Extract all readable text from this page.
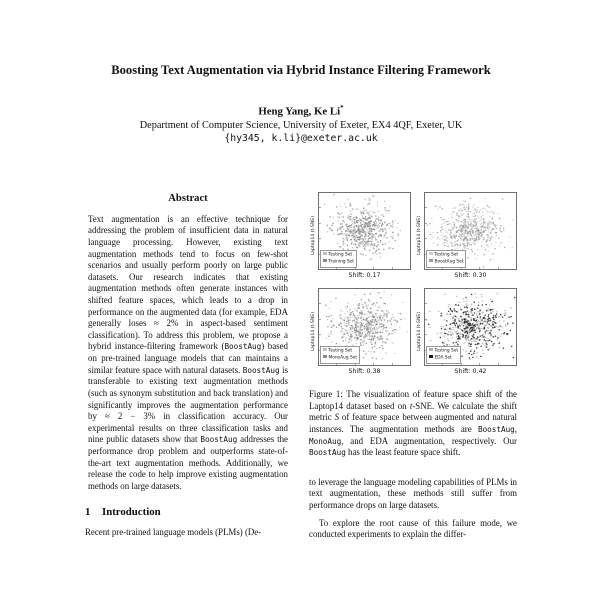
Boosting Text Augmentation via Hybrid Instance Filtering Framework
Heng Yang, Ke Li*
Department of Computer Science, University of Exeter, EX4 4QF, Exeter, UK
{hy345, k.li}@exeter.ac.uk
Abstract

Text augmentation is an effective technique for addressing the problem of insufficient data in natural language processing. However, existing text augmentation methods tend to focus on few-shot scenarios and usually perform poorly on large public datasets. Our research indicates that existing augmentation methods often generate instances with shifted feature spaces, which leads to a drop in performance on the augmented data (for example, EDA generally loses ≈ 2% in aspect-based sentiment classification). To address this problem, we propose a hybrid instance-filtering framework (BoostAug) based on pre-trained language models that can maintains a similar feature space with natural datasets. BoostAug is transferable to existing text augmentation methods (such as synonym substitution and back translation) and significantly improves the augmentation performance by ≈ 2 − 3% in classification accuracy. Our experimental results on three classification tasks and nine public datasets show that BoostAug addresses the performance drop problem and outperforms state-of-the-art text augmentation methods. Additionally, we release the code to help improve existing augmentation methods on large datasets.

1 Introduction

Recent pre-trained language models (PLMs) (De-

Laptop14 (t-SNE)	Testing Set
Training Set
Shift: 0.17
Laptop14 (t-SNE)	Testing Set
BoostAug Set
Shift: 0.30
Laptop14 (t-SNE)	Testing Set
MonoAug Set
Shift: 0.38
Laptop14 (t-SNE)	Testing Set
EDA Set
Shift: 0.42

Figure 1: The visualization of feature space shift of the Laptop14 dataset based on t-SNE. We calculate the shift metric S of feature space between augmented and natural instances. The augmentation methods are BoostAug, MonoAug, and EDA augmentation, respectively. Our BoostAug has the least feature space shift.

to leverage the language modeling capabilities of PLMs in text augmentation, these methods still suffer from performance drops on large datasets.

To explore the root cause of this failure mode, we conducted experiments to explain the differ-
